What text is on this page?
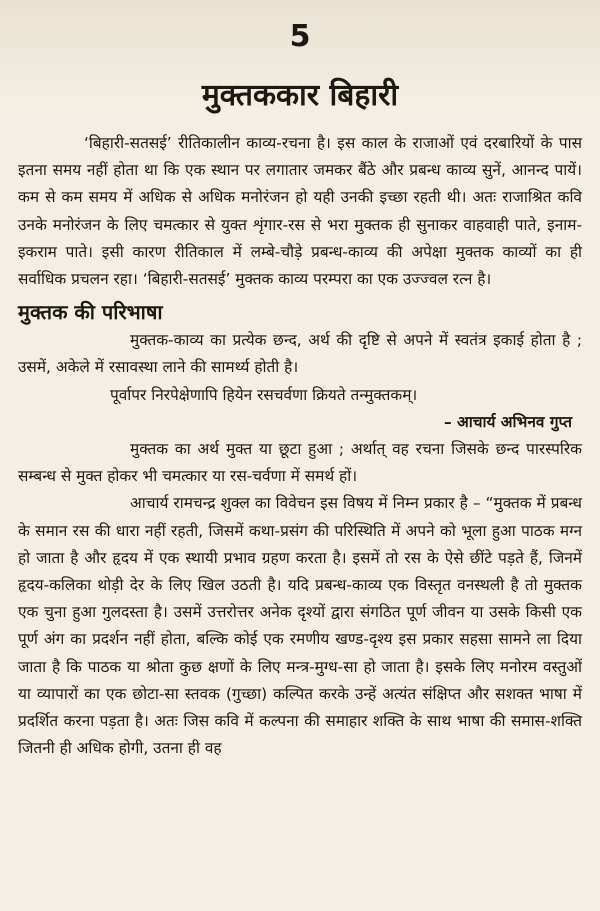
5
मुक्तककार बिहारी

‘बिहारी-सतसई’ रीतिकालीन काव्य-रचना है। इस काल के राजाओं एवं दरबारियों के पास इतना समय नहीं होता था कि एक स्थान पर लगातार जमकर बैंठे और प्रबन्ध काव्य सुनें, आनन्द पायें। कम से कम समय में अधिक से अधिक मनोरंजन हो यही उनकी इच्छा रहती थी। अतः राजाश्रित कवि उनके मनोरंजन के लिए चमत्कार से युक्त शृंगार-रस से भरा मुक्तक ही सुनाकर वाहवाही पाते, इनाम-इकराम पाते। इसी कारण रीतिकाल में लम्बे-चौड़े प्रबन्ध-काव्य की अपेक्षा मुक्तक काव्यों का ही सर्वाधिक प्रचलन रहा। ‘बिहारी-सतसई’ मुक्तक काव्य परम्परा का एक उज्ज्वल रत्न है।

मुक्तक की परिभाषा

मुक्तक-काव्य का प्रत्येक छन्द, अर्थ की दृष्टि से अपने में स्वतंत्र इकाई होता है ; उसमें, अकेले में रसावस्था लाने की सामर्थ्य होती है।

पूर्वापर निरपेक्षेणापि हियेन रसचर्वणा क्रियते तन्मुक्तकम्।

– आचार्य अभिनव गुप्त

मुक्तक का अर्थ मुक्त या छूटा हुआ ; अर्थात् वह रचना जिसके छन्द पारस्परिक सम्बन्ध से मुक्त होकर भी चमत्कार या रस-चर्वणा में समर्थ हों।

आचार्य रामचन्द्र शुक्ल का विवेचन इस विषय में निम्न प्रकार है – “मुक्तक में प्रबन्ध के समान रस की धारा नहीं रहती, जिसमें कथा-प्रसंग की परिस्थिति में अपने को भूला हुआ पाठक मग्न हो जाता है और हृदय में एक स्थायी प्रभाव ग्रहण करता है। इसमें तो रस के ऐसे छींटे पड़ते हैं, जिनमें हृदय-कलिका थोड़ी देर के लिए खिल उठती है। यदि प्रबन्ध-काव्य एक विस्तृत वनस्थली है तो मुक्तक एक चुना हुआ गुलदस्ता है। उसमें उत्तरोत्तर अनेक दृश्यों द्वारा संगठित पूर्ण जीवन या उसके किसी एक पूर्ण अंग का प्रदर्शन नहीं होता, बल्कि कोई एक रमणीय खण्ड-दृश्य इस प्रकार सहसा सामने ला दिया जाता है कि पाठक या श्रोता कुछ क्षणों के लिए मन्त्र-मुग्ध-सा हो जाता है। इसके लिए मनोरम वस्तुओं या व्यापारों का एक छोटा-सा स्तवक (गुच्छा) कल्पित करके उन्हें अत्यंत संक्षिप्त और सशक्त भाषा में प्रदर्शित करना पड़ता है। अतः जिस कवि में कल्पना की समाहार शक्ति के साथ भाषा की समास-शक्ति जितनी ही अधिक होगी, उतना ही वह
